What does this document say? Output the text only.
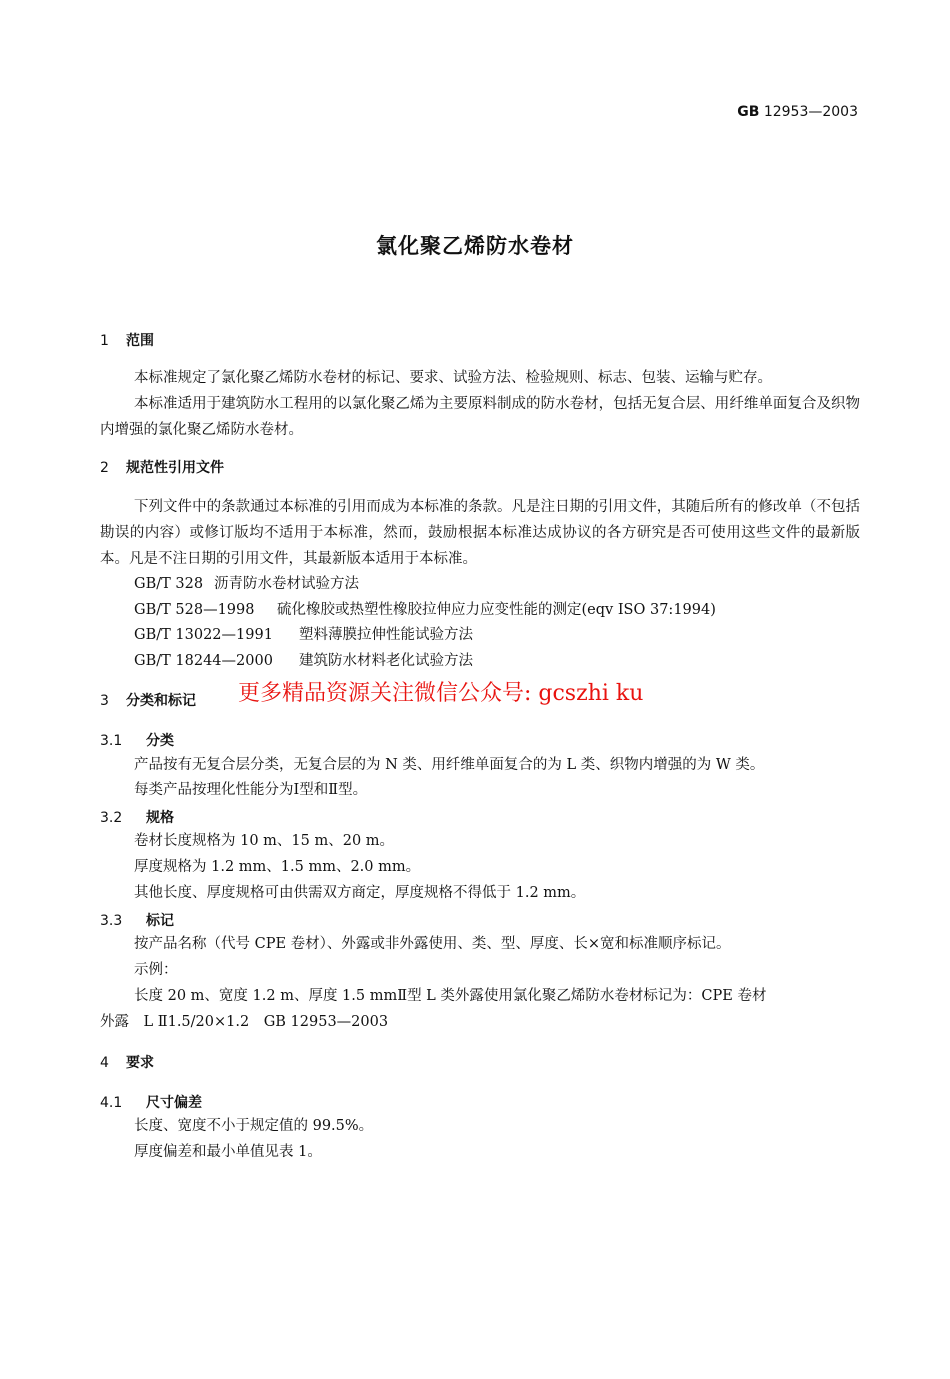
GB 12953—2003
氯化聚乙烯防水卷材
1 范围
本标准规定了氯化聚乙烯防水卷材的标记、要求、试验方法、检验规则、标志、包装、运输与贮存。
本标准适用于建筑防水工程用的以氯化聚乙烯为主要原料制成的防水卷材，包括无复合层、用纤维单面复合及织物内增强的氯化聚乙烯防水卷材。
2 规范性引用文件
下列文件中的条款通过本标准的引用而成为本标准的条款。凡是注日期的引用文件，其随后所有的修改单（不包括勘误的内容）或修订版均不适用于本标准，然而，鼓励根据本标准达成协议的各方研究是否可使用这些文件的最新版本。凡是不注日期的引用文件，其最新版本适用于本标准。
GB/T 328 沥青防水卷材试验方法
GB/T 528—1998 硫化橡胶或热塑性橡胶拉伸应力应变性能的测定(eqv ISO 37:1994)
GB/T 13022—1991 塑料薄膜拉伸性能试验方法
GB/T 18244—2000 建筑防水材料老化试验方法
3 分类和标记 更多精品资源关注微信公众号: gcszhi ku
3.1 分类
产品按有无复合层分类，无复合层的为 N 类、用纤维单面复合的为 L 类、织物内增强的为 W 类。
每类产品按理化性能分为Ⅰ型和Ⅱ型。
3.2 规格
卷材长度规格为 10 m、15 m、20 m。
厚度规格为 1.2 mm、1.5 mm、2.0 mm。
其他长度、厚度规格可由供需双方商定，厚度规格不得低于 1.2 mm。
3.3 标记
按产品名称（代号 CPE 卷材）、外露或非外露使用、类、型、厚度、长×宽和标准顺序标记。
示例：
长度 20 m、宽度 1.2 m、厚度 1.5 mmⅡ型 L 类外露使用氯化聚乙烯防水卷材标记为：CPE 卷材
外露　L Ⅱ1.5/20×1.2　GB 12953—2003
4 要求
4.1 尺寸偏差
长度、宽度不小于规定值的 99.5%。
厚度偏差和最小单值见表 1。
